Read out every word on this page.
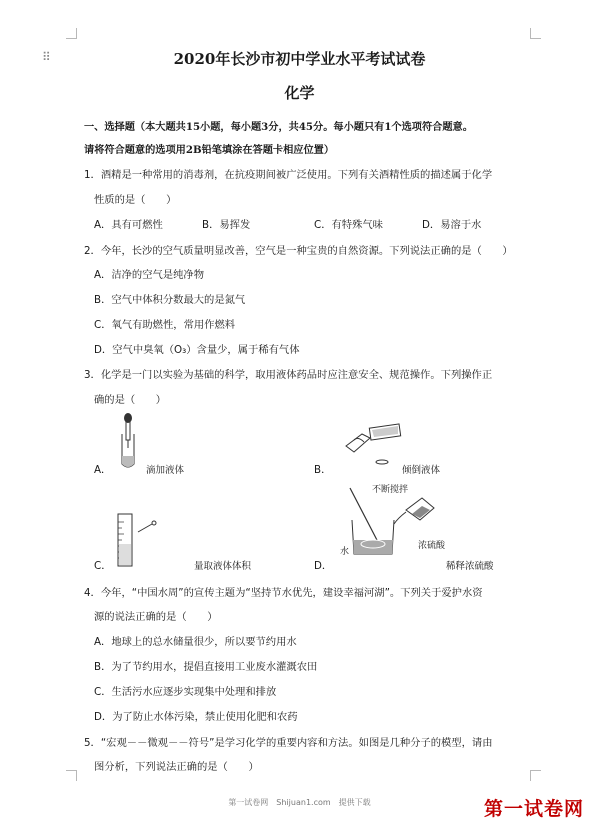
⠿	2020年长沙市初中学业水平考试试卷
化学
一、选择题（本大题共15小题，每小题3分，共45分。每小题只有1个选项符合题意。
请将符合题意的选项用2B铅笔填涂在答题卡相应位置）
1．酒精是一种常用的消毒剂，在抗疫期间被广泛使用。下列有关酒精性质的描述属于化学
性质的是（　　）
A．具有可燃性	B．易挥发	C．有特殊气味	D．易溶于水
2．今年，长沙的空气质量明显改善，空气是一种宝贵的自然资源。下列说法正确的是（　　）
A．洁净的空气是纯净物
B．空气中体积分数最大的是氮气
C．氧气有助燃性，常用作燃料
D．空气中臭氧（O₃）含量少，属于稀有气体
3．化学是一门以实验为基础的科学，取用液体药品时应注意安全、规范操作。下列操作正
确的是（　　）
A．	滴加液体	B．	倾倒液体
C．	量取液体体积
不断搅拌
水
浓硫酸
D．	稀释浓硫酸
4．今年，“中国水周”的宣传主题为“坚持节水优先，建设幸福河湖”。下列关于爱护水资
源的说法正确的是（　　）
A．地球上的总水储量很少，所以要节约用水
B．为了节约用水，提倡直接用工业废水灌溉农田
C．生活污水应逐步实现集中处理和排放
D．为了防止水体污染，禁止使用化肥和农药
5．“宏观－－微观－－符号”是学习化学的重要内容和方法。如图是几种分子的模型，请由
图分析，下列说法正确的是（　　）
第一试卷网　Shijuan1.com　提供下载	第一试卷网
